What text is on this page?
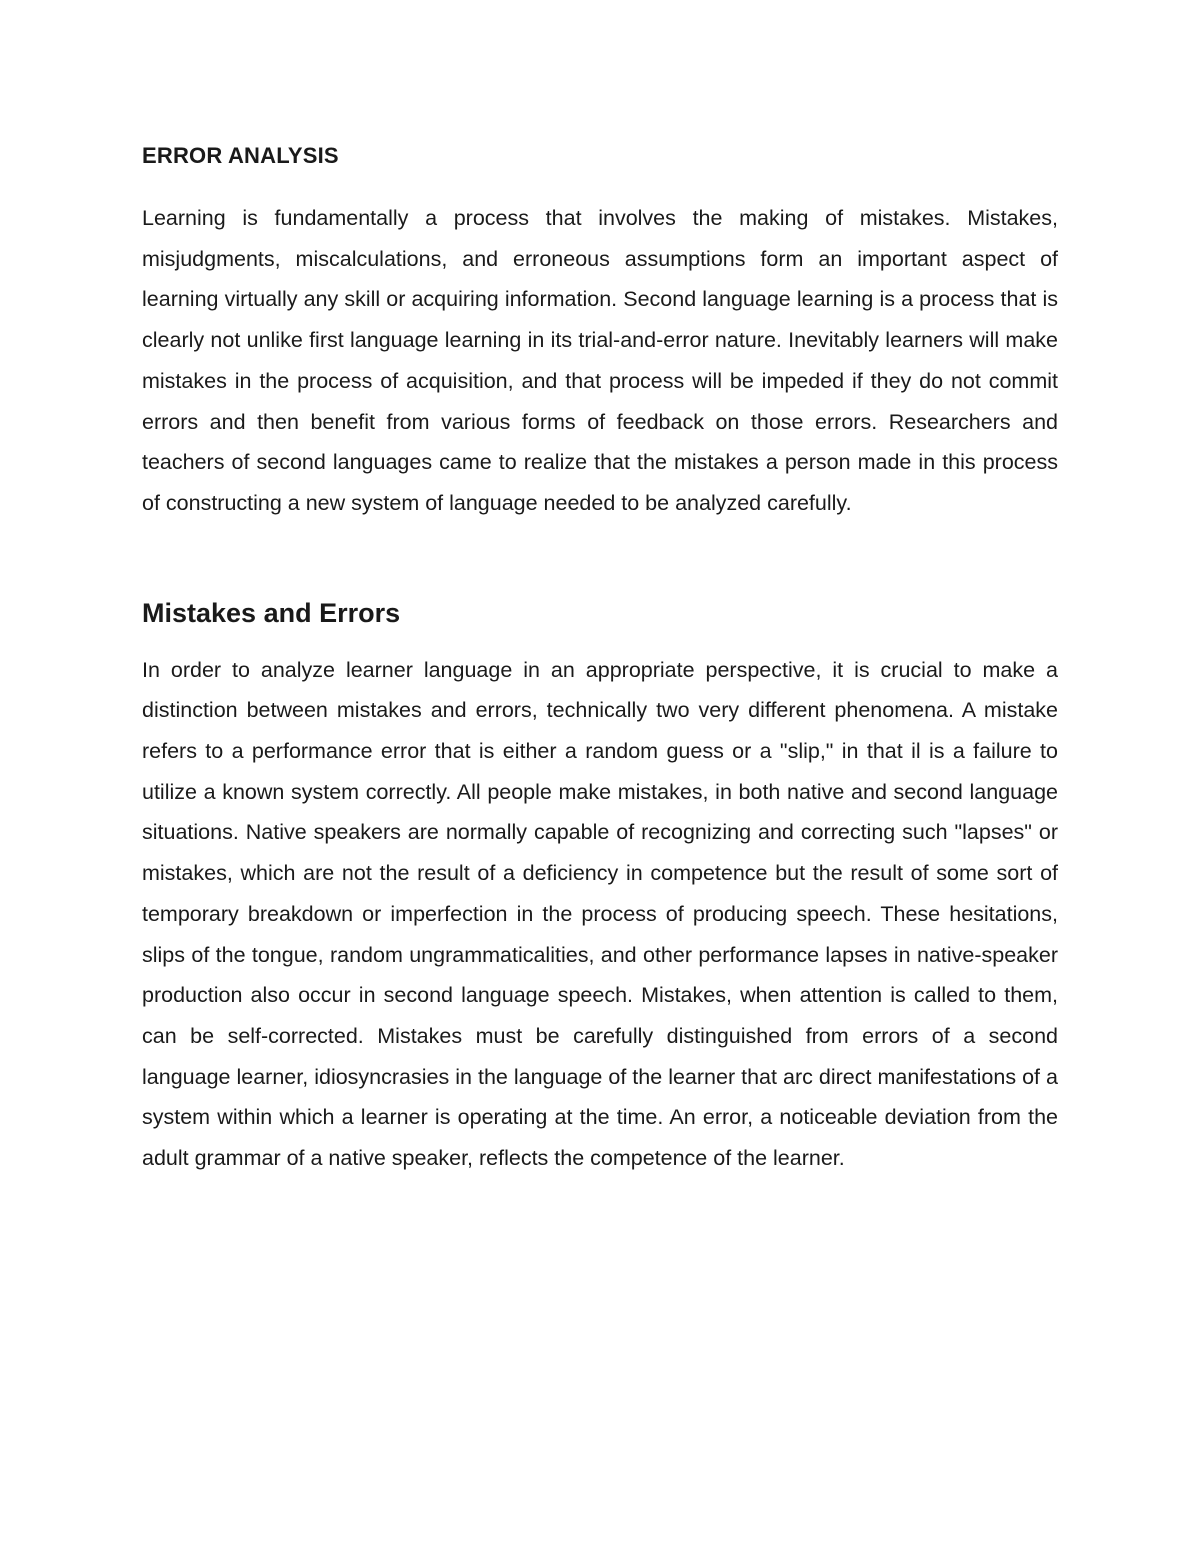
ERROR ANALYSIS

Learning is fundamentally a process that involves the making of mistakes. Mistakes, misjudgments, miscalculations, and erroneous assumptions form an important aspect of learning virtually any skill or acquiring information. Second language learning is a process that is clearly not unlike first language learning in its trial-and-error nature. Inevitably learners will make mistakes in the process of acquisition, and that process will be impeded if they do not commit errors and then benefit from various forms of feedback on those errors. Researchers and teachers of second languages came to realize that the mistakes a person made in this process of constructing a new system of language needed to be analyzed carefully.

Mistakes and Errors

In order to analyze learner language in an appropriate perspective, it is crucial to make a distinction between mistakes and errors, technically two very different phenomena. A mistake refers to a performance error that is either a random guess or a "slip," in that il is a failure to utilize a known system correctly. All people make mistakes, in both native and second language situations. Native speakers are normally capable of recognizing and correcting such "lapses" or mistakes, which are not the result of a deficiency in competence but the result of some sort of temporary breakdown or imperfection in the process of producing speech. These hesitations, slips of the tongue, random ungrammaticalities, and other performance lapses in native-speaker production also occur in second language speech. Mistakes, when attention is called to them, can be self-corrected. Mistakes must be carefully distinguished from errors of a second language learner, idiosyncrasies in the language of the learner that arc direct manifestations of a system within which a learner is operating at the time. An error, a noticeable deviation from the adult grammar of a native speaker, reflects the competence of the learner.
